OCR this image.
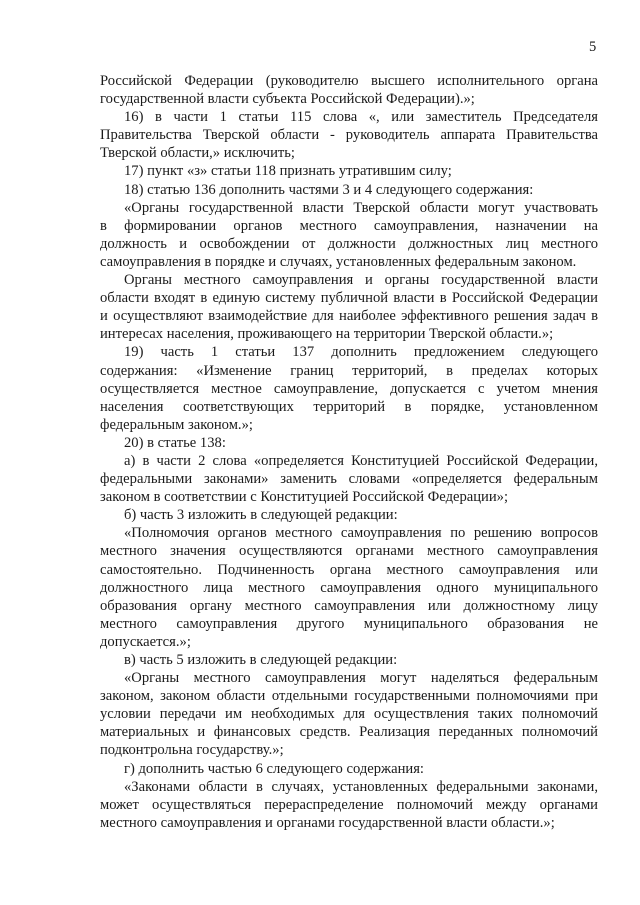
5
Российской Федерации (руководителю высшего исполнительного органа
государственной власти субъекта Российской Федерации).»;
16) в части 1 статьи 115 слова «, или заместитель Председателя
Правительства Тверской области - руководитель аппарата Правительства
Тверской области,» исключить;
17) пункт «з» статьи 118 признать утратившим силу;
18) статью 136 дополнить частями 3 и 4 следующего содержания:
«Органы государственной власти Тверской области могут участвовать
в формировании органов местного самоуправления, назначении на
должность и освобождении от должности должностных лиц местного
самоуправления в порядке и случаях, установленных федеральным законом.
Органы местного самоуправления и органы государственной власти
области входят в единую систему публичной власти в Российской Федерации
и осуществляют взаимодействие для наиболее эффективного решения задач в
интересах населения, проживающего на территории Тверской области.»;
19) часть 1 статьи 137 дополнить предложением следующего
содержания: «Изменение границ территорий, в пределах которых
осуществляется местное самоуправление, допускается с учетом мнения
населения соответствующих территорий в порядке, установленном
федеральным законом.»;
20) в статье 138:
а) в части 2 слова «определяется Конституцией Российской Федерации,
федеральными законами» заменить словами «определяется федеральным
законом в соответствии с Конституцией Российской Федерации»;
б) часть 3 изложить в следующей редакции:
«Полномочия органов местного самоуправления по решению вопросов
местного значения осуществляются органами местного самоуправления
самостоятельно. Подчиненность органа местного самоуправления или
должностного лица местного самоуправления одного муниципального
образования органу местного самоуправления или должностному лицу
местного самоуправления другого муниципального образования не
допускается.»;
в) часть 5 изложить в следующей редакции:
«Органы местного самоуправления могут наделяться федеральным
законом, законом области отдельными государственными полномочиями при
условии передачи им необходимых для осуществления таких полномочий
материальных и финансовых средств. Реализация переданных полномочий
подконтрольна государству.»;
г) дополнить частью 6 следующего содержания:
«Законами области в случаях, установленных федеральными законами,
может осуществляться перераспределение полномочий между органами
местного самоуправления и органами государственной власти области.»;
